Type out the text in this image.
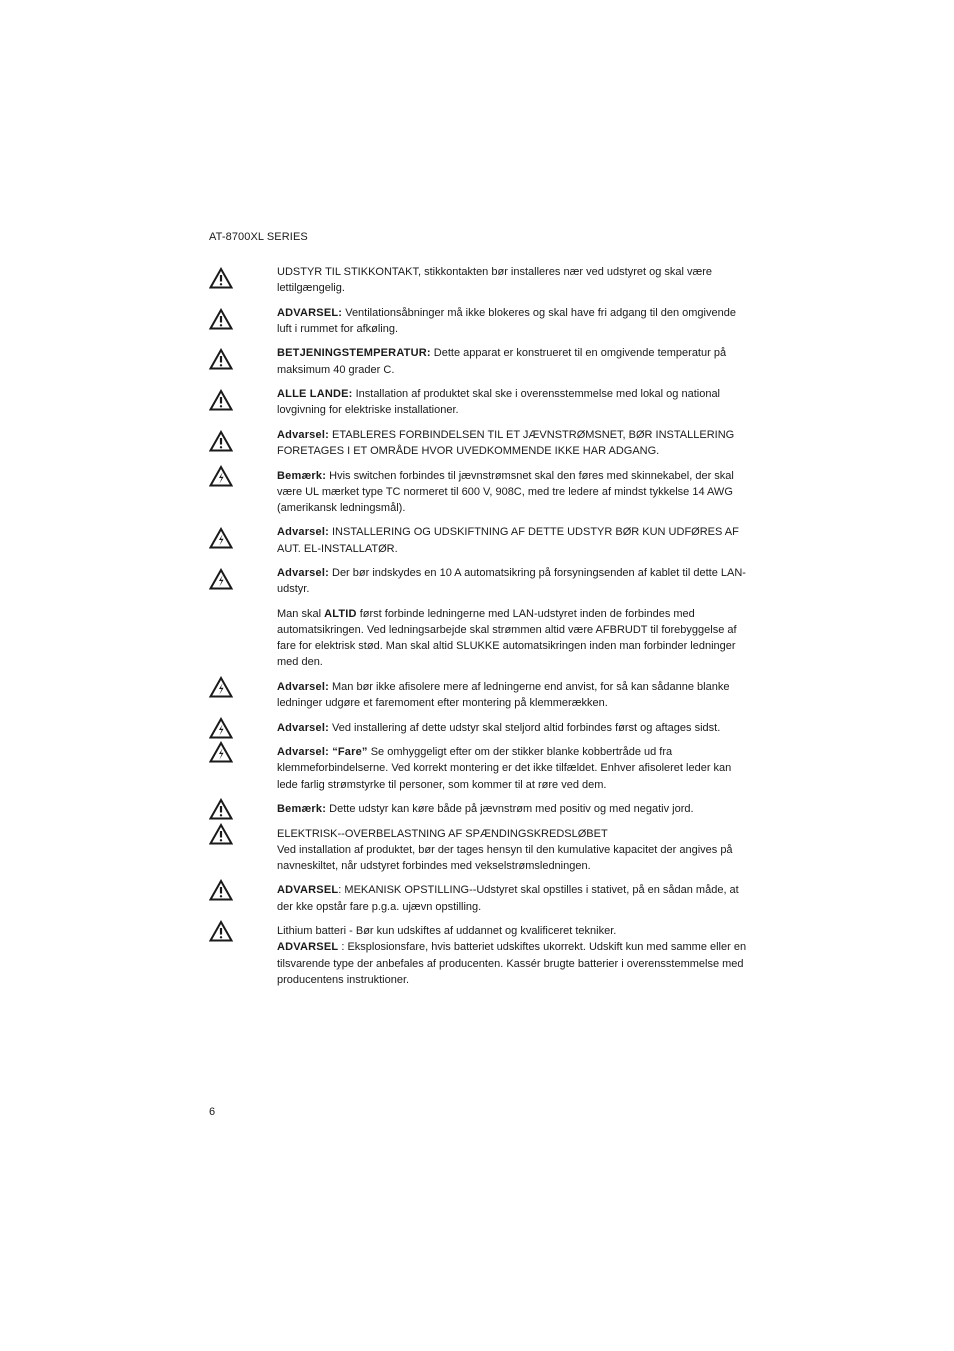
AT-8700XL SERIES
UDSTYR TIL STIKKONTAKT, stikkontakten bør installeres nær ved udstyret og skal være lettilgængelig.
ADVARSEL: Ventilationsåbninger må ikke blokeres og skal have fri adgang til den omgivende luft i rummet for afkøling.
BETJENINGSTEMPERATUR: Dette apparat er konstrueret til en omgivende temperatur på maksimum 40 grader C.
ALLE LANDE: Installation af produktet skal ske i overensstemmelse med lokal og national lovgivning for elektriske installationer.
Advarsel: ETABLERES FORBINDELSEN TIL ET JÆVNSTRØMSNET, BØR INSTALLERING FORETAGES I ET OMRÅDE HVOR UVEDKOMMENDE IKKE HAR ADGANG.
Bemærk: Hvis switchen forbindes til jævnstrømsnet skal den føres med skinnekabel, der skal være UL mærket type TC normeret til 600 V, 908C, med tre ledere af mindst tykkelse 14 AWG (amerikansk ledningsmål).
Advarsel: INSTALLERING OG UDSKIFTNING AF DETTE UDSTYR BØR KUN UDFØRES AF AUT. EL-INSTALLATØR.
Advarsel: Der bør indskydes en 10 A automatsikring på forsyningsenden af kablet til dette LAN-udstyr.
Man skal ALTID først forbinde ledningerne med LAN-udstyret inden de forbindes med automatsikringen. Ved ledningsarbejde skal strømmen altid være AFBRUDT til forebyggelse af fare for elektrisk stød. Man skal altid SLUKKE automatsikringen inden man forbinder ledninger med den.
Advarsel: Man bør ikke afisolere mere af ledningerne end anvist, for så kan sådanne blanke ledninger udgøre et faremoment efter montering på klemmerækken.
Advarsel: Ved installering af dette udstyr skal steljord altid forbindes først og aftages sidst.
Advarsel: “Fare” Se omhyggeligt efter om der stikker blanke kobbertråde ud fra klemmeforbindelserne. Ved korrekt montering er det ikke tilfældet. Enhver afisoleret leder kan lede farlig strømstyrke til personer, som kommer til at røre ved dem.
Bemærk: Dette udstyr kan køre både på jævnstrøm med positiv og med negativ jord.
ELEKTRISK--OVERBELASTNING AF SPÆNDINGSKREDSLØBET
Ved installation af produktet, bør der tages hensyn til den kumulative kapacitet der angives på navneskiltet, når udstyret forbindes med vekselstrømsledningen.
ADVARSEL: MEKANISK OPSTILLING--Udstyret skal opstilles i stativet, på en sådan måde, at der kke opstår fare p.g.a. ujævn opstilling.
Lithium batteri - Bør kun udskiftes af uddannet og kvalificeret tekniker.
ADVARSEL : Eksplosionsfare, hvis batteriet udskiftes ukorrekt. Udskift kun med samme eller en tilsvarende type der anbefales af producenten. Kassér brugte batterier i overensstemmelse med producentens instruktioner.
6
